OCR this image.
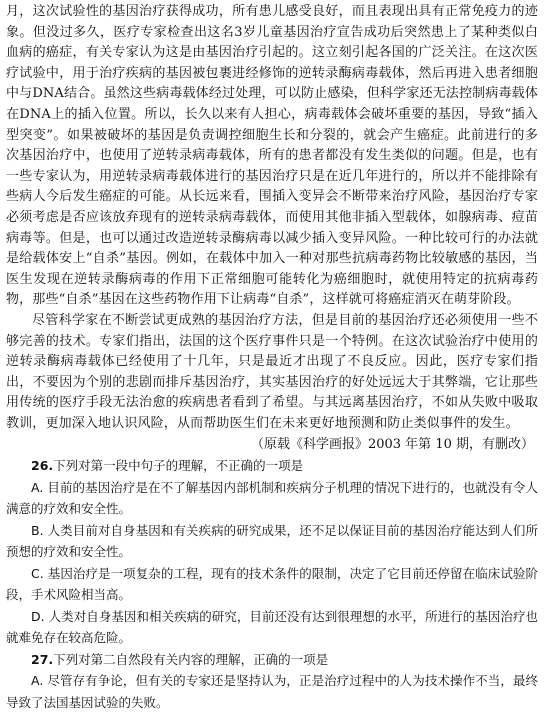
月，这次试验性的基因治疗获得成功，所有患儿感受良好，而且表现出具有正常免疫力的迹象。但没过多久，医疗专家检查出这名3岁儿童基因治疗宣告成功后突然患上了某种类似白血病的癌症，有关专家认为这是由基因治疗引起的。这立刻引起各国的广泛关注。在这次医疗试验中，用于治疗疾病的基因被包裹进经修饰的逆转录酶病毒载体，然后再进入患者细胞中与DNA结合。虽然这些病毒载体经过处理，可以防止感染，但科学家还无法控制病毒载体在DNA上的插入位置。所以，长久以来有人担心，病毒载体会破坏重要的基因，导致“插入型突变”。如果被破坏的基因是负责调控细胞生长和分裂的，就会产生癌症。此前进行的多次基因治疗中，也使用了逆转录病毒载体，所有的患者都没有发生类似的问题。但是，也有一些专家认为，用逆转录病毒载体进行的基因治疗只是在近几年进行的，所以并不能排除有些病人今后发生癌症的可能。从长远来看，围插入变异会不断带来治疗风险，基因治疗专家必须考虑是否应该放弃现有的逆转录病毒载体，而使用其他非插入型载体，如腺病毒、痘苗病毒等。但是，也可以通过改造逆转录酶病毒以减少插入变异风险。一种比较可行的办法就是给载体安上“自杀”基因。例如，在载体中加入一种对那些抗病毒药物比较敏感的基因，当医生发现在逆转录酶病毒的作用下正常细胞可能转化为癌细胞时，就使用特定的抗病毒药物，那些“自杀”基因在这些药物作用下让病毒“自杀”，这样就可将癌症消灭在萌芽阶段。

尽管科学家在不断尝试更成熟的基因治疗方法，但是目前的基因治疗还必须使用一些不够完善的技术。专家们指出，法国的这个医疗事件只是一个特例。在这次试验治疗中使用的逆转录酶病毒载体已经使用了十几年，只是最近才出现了不良反应。因此，医疗专家们指出，不要因为个别的悲剧而排斥基因治疗，其实基因治疗的好处远远大于其弊端，它让那些用传统的医疗手段无法治愈的疾病患者看到了希望。与其远离基因治疗，不如从失败中吸取教训，更加深入地认识风险，从而帮助医生们在未来更好地预测和防止类似事件的发生。

（原载《科学画报》2003 年第 10 期，有删改）

26.下列对第一段中句子的理解，不正确的一项是

A. 目前的基因治疗是在不了解基因内部机制和疾病分子机理的情况下进行的，也就没有令人满意的疗效和安全性。

B. 人类目前对自身基因和有关疾病的研究成果，还不足以保证目前的基因治疗能达到人们所预想的疗效和安全性。

C. 基因治疗是一项复杂的工程，现有的技术条件的限制，决定了它目前还停留在临床试验阶段，手术风险相当高。

D. 人类对自身基因和相关疾病的研究，目前还没有达到很理想的水平，所进行的基因治疗也就难免存在较高危险。

27.下列对第二自然段有关内容的理解，正确的一项是

A. 尽管存有争论，但有关的专家还是坚持认为，正是治疗过程中的人为技术操作不当，最终导致了法国基因试验的失败。
